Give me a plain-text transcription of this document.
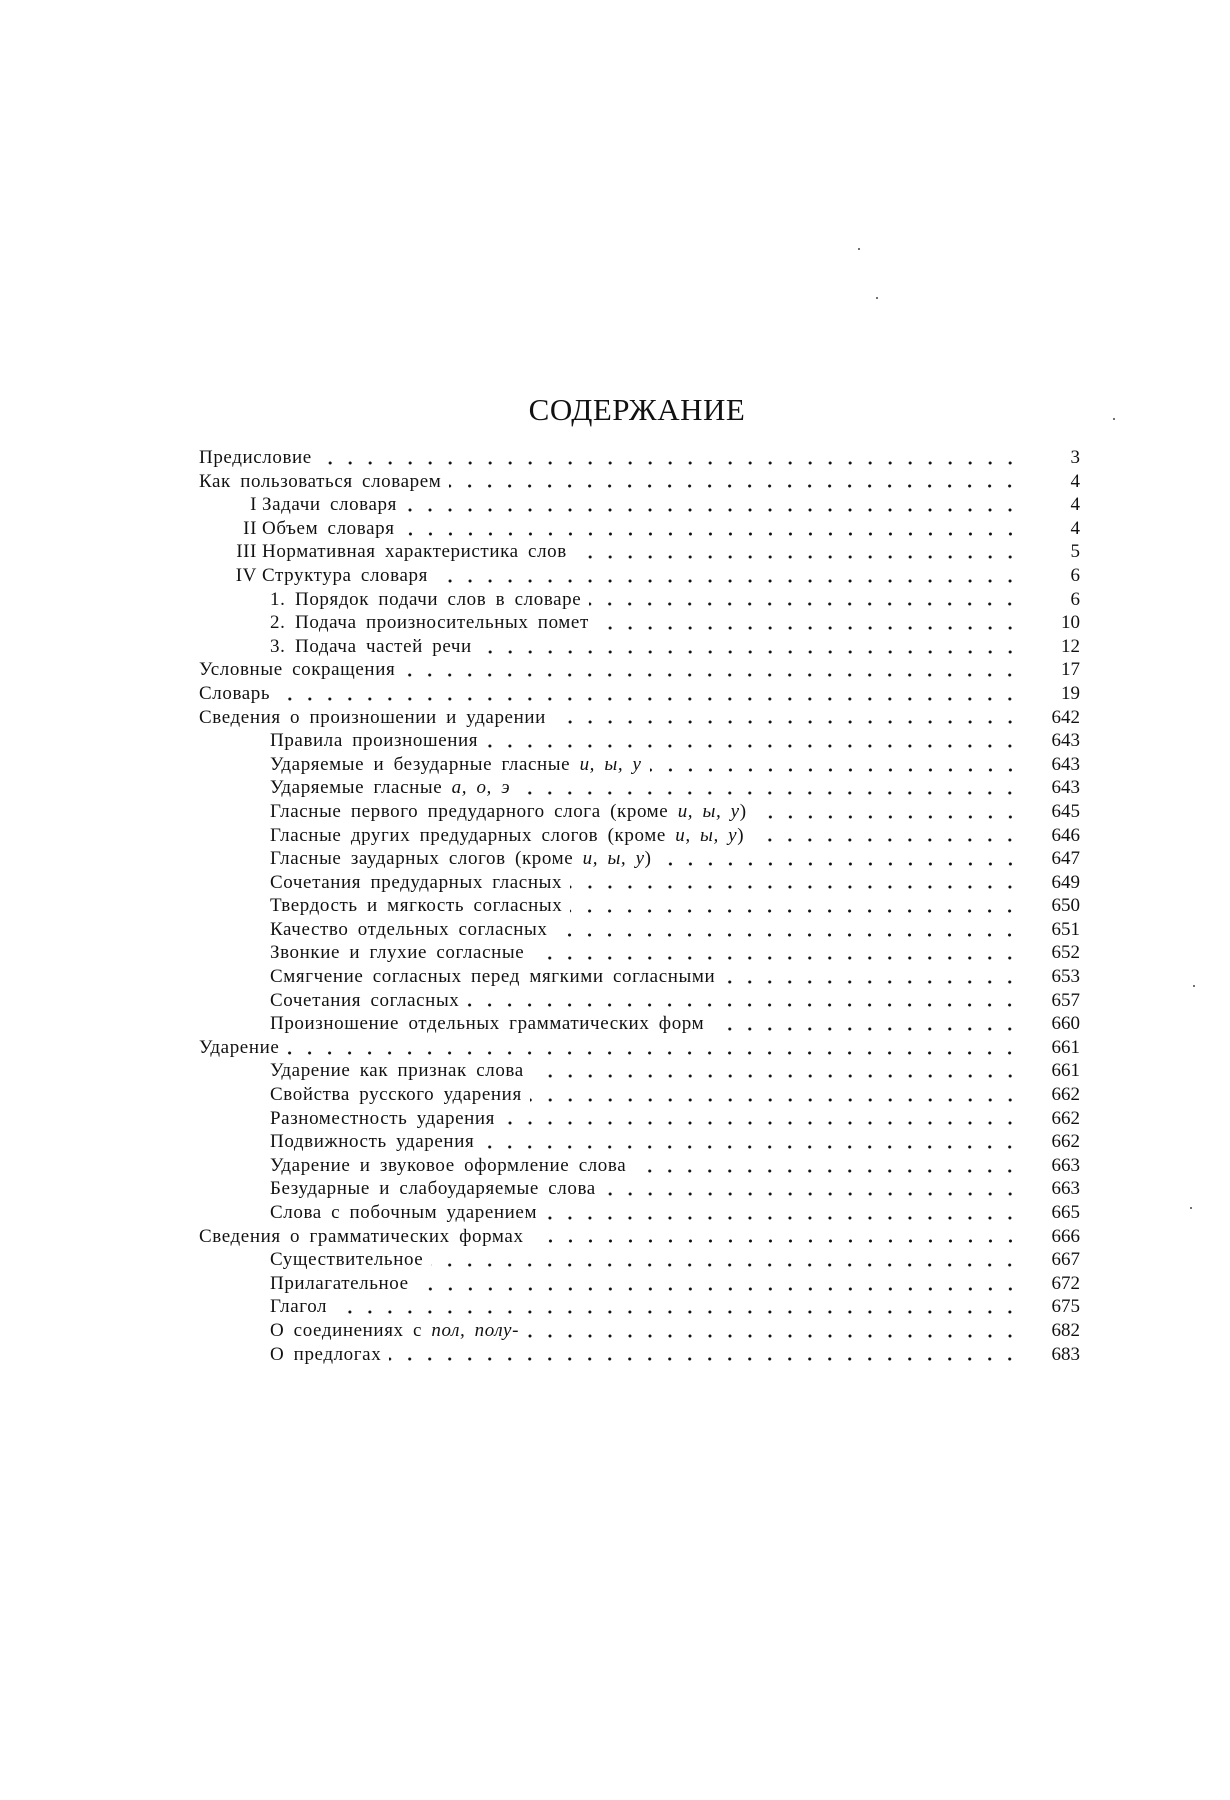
СОДЕРЖАНИЕ
Предисловие	3
Как пользоваться словарем	4
I Задачи словаря	4
II Объем словаря	4
III Нормативная характеристика слов	5
IV Структура словаря	6
1. Порядок подачи слов в словаре	6
2. Подача произносительных помет	10
3. Подача частей речи	12
Условные сокращения	17
Словарь	19
Сведения о произношении и ударении	642
Правила произношения	643
Ударяемые и безударные гласные и, ы, у	643
Ударяемые гласные а, о, э	643
Гласные первого предударного слога (кроме и, ы, у )	645
Гласные других предударных слогов (кроме и, ы, у )	646
Гласные заударных слогов (кроме и, ы, у )	647
Сочетания предударных гласных	649
Твердость и мягкость согласных	650
Качество отдельных согласных	651
Звонкие и глухие согласные	652
Смягчение согласных перед мягкими согласными	653
Сочетания согласных	657
Произношение отдельных грамматических форм	660
Ударение	661
Ударение как признак слова	661
Свойства русского ударения	662
Разноместность ударения	662
Подвижность ударения	662
Ударение и звуковое оформление слова	663
Безударные и слабоударяемые слова	663
Слова с побочным ударением	665
Сведения о грамматических формах	666
Существительное	667
Прилагательное	672
Глагол	675
О соединениях с пол, полу-	682
О предлогах	683
